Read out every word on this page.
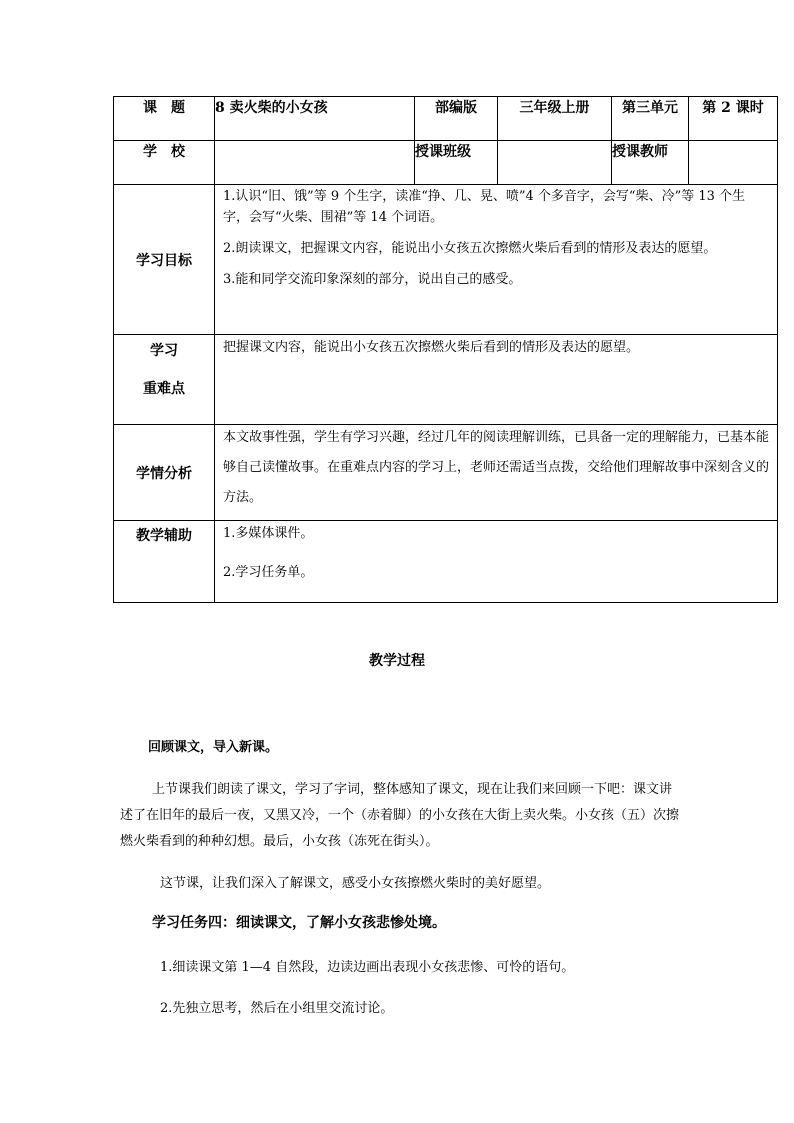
课　题	8 卖火柴的小女孩	部编版	三年级上册	第三单元	第 2 课时
学　校		授课班级		授课教师	
学习目标	1.认识“旧、饿”等 9 个生字，读准“挣、几、晃、喷”4 个多音字，会写“柴、冷”等 13 个生字，会写“火柴、围裙”等 14 个词语。

2.朗读课文，把握课文内容，能说出小女孩五次擦燃火柴后看到的情形及表达的愿望。

3.能和同学交流印象深刻的部分，说出自己的感受。				

学习
重难点	把握课文内容，能说出小女孩五次擦燃火柴后看到的情形及表达的愿望。				

学情分析	本文故事性强，学生有学习兴趣，经过几年的阅读理解训练，已具备一定的理解能力，已基本能够自己读懂故事。在重难点内容的学习上，老师还需适当点拨，交给他们理解故事中深刻含义的方法。				

教学辅助	1.多媒体课件。

2.学习任务单。				

教学过程
回顾课文，导入新课。
上节课我们朗读了课文，学习了字词，整体感知了课文，现在让我们来回顾一下吧：课文讲述了在旧年的最后一夜，又黑又冷，一个（赤着脚）的小女孩在大街上卖火柴。小女孩（五）次擦燃火柴看到的种种幻想。最后，小女孩（冻死在街头）。
这节课，让我们深入了解课文，感受小女孩擦燃火柴时的美好愿望。
学习任务四：细读课文，了解小女孩悲惨处境。
1.细读课文第 1—4 自然段，边读边画出表现小女孩悲惨、可怜的语句。
2.先独立思考，然后在小组里交流讨论。
